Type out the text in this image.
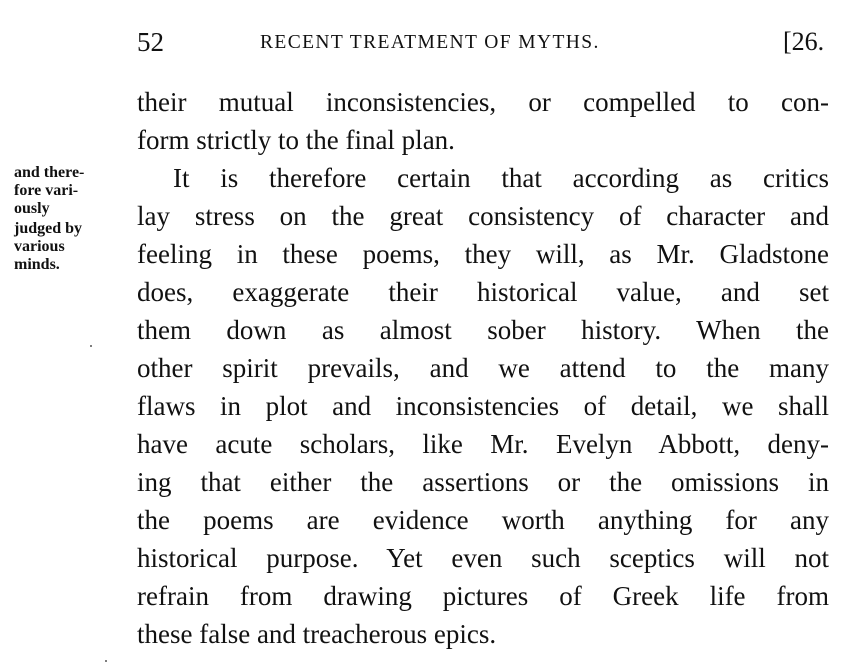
52	RECENT TREATMENT OF MYTHS.	[26.
and there-
fore vari-
ously
judged by
various
minds.
their mutual inconsistencies, or compelled to con-
form strictly to the final plan.
It is therefore certain that according as critics
lay stress on the great consistency of character and
feeling in these poems, they will, as Mr. Gladstone
does, exaggerate their historical value, and set
them down as almost sober history. When the
other spirit prevails, and we attend to the many
flaws in plot and inconsistencies of detail, we shall
have acute scholars, like Mr. Evelyn Abbott, deny-
ing that either the assertions or the omissions in
the poems are evidence worth anything for any
historical purpose. Yet even such sceptics will not
refrain from drawing pictures of Greek life from
these false and treacherous epics.
